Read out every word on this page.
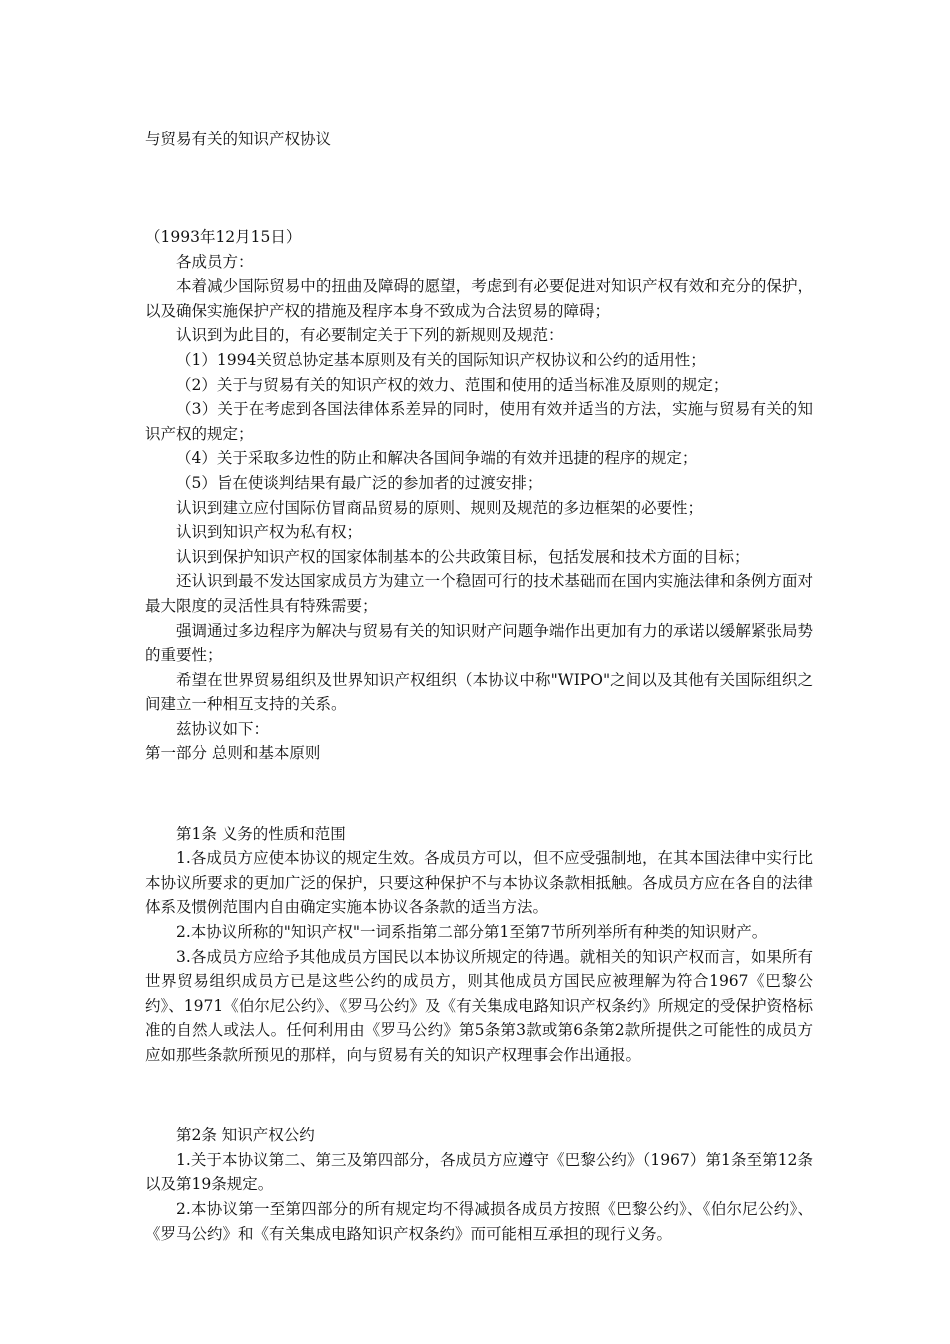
与贸易有关的知识产权协议

（1993年12月15日）

各成员方：

本着减少国际贸易中的扭曲及障碍的愿望，考虑到有必要促进对知识产权有效和充分的保护，以及确保实施保护产权的措施及程序本身不致成为合法贸易的障碍；

认识到为此目的，有必要制定关于下列的新规则及规范：

（1）1994关贸总协定基本原则及有关的国际知识产权协议和公约的适用性；

（2）关于与贸易有关的知识产权的效力、范围和使用的适当标准及原则的规定；

（3）关于在考虑到各国法律体系差异的同时，使用有效并适当的方法，实施与贸易有关的知识产权的规定；

（4）关于采取多边性的防止和解决各国间争端的有效并迅捷的程序的规定；

（5）旨在使谈判结果有最广泛的参加者的过渡安排；

认识到建立应付国际仿冒商品贸易的原则、规则及规范的多边框架的必要性；

认识到知识产权为私有权；

认识到保护知识产权的国家体制基本的公共政策目标，包括发展和技术方面的目标；

还认识到最不发达国家成员方为建立一个稳固可行的技术基础而在国内实施法律和条例方面对最大限度的灵活性具有特殊需要；

强调通过多边程序为解决与贸易有关的知识财产问题争端作出更加有力的承诺以缓解紧张局势的重要性；

希望在世界贸易组织及世界知识产权组织（本协议中称"WIPO"之间以及其他有关国际组织之间建立一种相互支持的关系。

兹协议如下：

第一部分 总则和基本原则

第1条 义务的性质和范围

1.各成员方应使本协议的规定生效。各成员方可以，但不应受强制地，在其本国法律中实行比本协议所要求的更加广泛的保护，只要这种保护不与本协议条款相抵触。各成员方应在各自的法律体系及惯例范围内自由确定实施本协议各条款的适当方法。

2.本协议所称的"知识产权"一词系指第二部分第1至第7节所列举所有种类的知识财产。

3.各成员方应给予其他成员方国民以本协议所规定的待遇。就相关的知识产权而言，如果所有世界贸易组织成员方已是这些公约的成员方，则其他成员方国民应被理解为符合1967《巴黎公约》、1971《伯尔尼公约》、《罗马公约》及《有关集成电路知识产权条约》所规定的受保护资格标准的自然人或法人。任何利用由《罗马公约》第5条第3款或第6条第2款所提供之可能性的成员方应如那些条款所预见的那样，向与贸易有关的知识产权理事会作出通报。

第2条 知识产权公约

1.关于本协议第二、第三及第四部分，各成员方应遵守《巴黎公约》（1967）第1条至第12条以及第19条规定。

2.本协议第一至第四部分的所有规定均不得减损各成员方按照《巴黎公约》、《伯尔尼公约》、《罗马公约》和《有关集成电路知识产权条约》而可能相互承担的现行义务。
